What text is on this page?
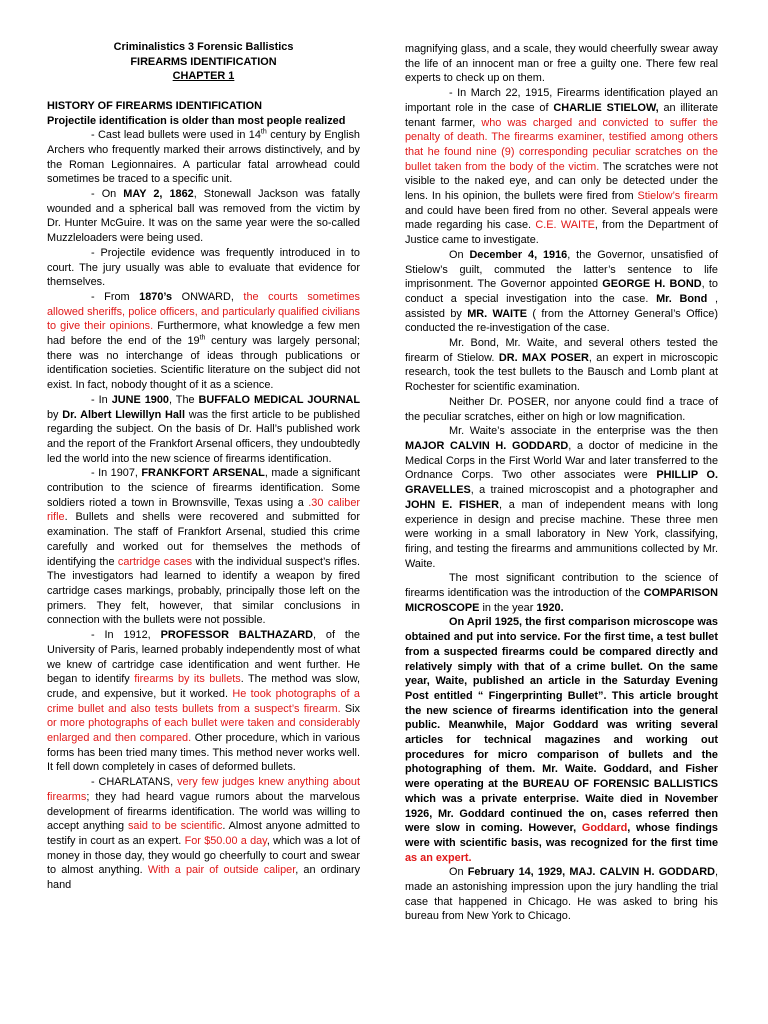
Criminalistics 3 Forensic Ballistics

FIREARMS IDENTIFICATION

CHAPTER 1

HISTORY OF FIREARMS IDENTIFICATION

Projectile identification is older than most people realized

- Cast lead bullets were used in 14th century by English Archers who frequently marked their arrows distinctively, and by the Roman Legionnaires. A particular fatal arrowhead could sometimes be traced to a specific unit.

- On MAY 2, 1862, Stonewall Jackson was fatally wounded and a spherical ball was removed from the victim by Dr. Hunter McGuire. It was on the same year were the so-called Muzzleloaders were being used.

- Projectile evidence was frequently introduced in to court. The jury usually was able to evaluate that evidence for themselves.

- From 1870’s ONWARD, the courts sometimes allowed sheriffs, police officers, and particularly qualified civilians to give their opinions. Furthermore, what knowledge a few men had before the end of the 19th century was largely personal; there was no interchange of ideas through publications or identification societies. Scientific literature on the subject did not exist. In fact, nobody thought of it as a science.

- In JUNE 1900, The BUFFALO MEDICAL JOURNAL by Dr. Albert Llewillyn Hall was the first article to be published regarding the subject. On the basis of Dr. Hall’s published work and the report of the Frankfort Arsenal officers, they undoubtedly led the world into the new science of firearms identification.

- In 1907, FRANKFORT ARSENAL, made a significant contribution to the science of firearms identification. Some soldiers rioted a town in Brownsville, Texas using a .30 caliber rifle. Bullets and shells were recovered and submitted for examination. The staff of Frankfort Arsenal, studied this crime carefully and worked out for themselves the methods of identifying the cartridge cases with the individual suspect’s rifles. The investigators had learned to identify a weapon by fired cartridge cases markings, probably, principally those left on the primers. They felt, however, that similar conclusions in connection with the bullets were not possible.

- In 1912, PROFESSOR BALTHAZARD, of the University of Paris, learned probably independently most of what we knew of cartridge case identification and went further. He began to identify firearms by its bullets. The method was slow, crude, and expensive, but it worked. He took photographs of a crime bullet and also tests bullets from a suspect’s firearm. Six or more photographs of each bullet were taken and considerably enlarged and then compared. Other procedure, which in various forms has been tried many times. This method never works well. It fell down completely in cases of deformed bullets.

- CHARLATANS, very few judges knew anything about firearms; they had heard vague rumors about the marvelous development of firearms identification. The world was willing to accept anything said to be scientific. Almost anyone admitted to testify in court as an expert. For $50.00 a day, which was a lot of money in those day, they would go cheerfully to court and swear to almost anything. With a pair of outside caliper, an ordinary hand

magnifying glass, and a scale, they would cheerfully swear away the life of an innocent man or free a guilty one. There few real experts to check up on them.

- In March 22, 1915, Firearms identification played an important role in the case of CHARLIE STIELOW, an illiterate tenant farmer, who was charged and convicted to suffer the penalty of death. The firearms examiner, testified among others that he found nine (9) corresponding peculiar scratches on the bullet taken from the body of the victim. The scratches were not visible to the naked eye, and can only be detected under the lens. In his opinion, the bullets were fired from Stielow’s firearm and could have been fired from no other. Several appeals were made regarding his case. C.E. WAITE, from the Department of Justice came to investigate.

On December 4, 1916, the Governor, unsatisfied of Stielow’s guilt, commuted the latter’s sentence to life imprisonment. The Governor appointed GEORGE H. BOND, to conduct a special investigation into the case. Mr. Bond , assisted by MR. WAITE ( from the Attorney General’s Office) conducted the re-investigation of the case.

Mr. Bond, Mr. Waite, and several others tested the firearm of Stielow. DR. MAX POSER, an expert in microscopic research, took the test bullets to the Bausch and Lomb plant at Rochester for scientific examination.

Neither Dr. POSER, nor anyone could find a trace of the peculiar scratches, either on high or low magnification.

Mr. Waite’s associate in the enterprise was the then MAJOR CALVIN H. GODDARD, a doctor of medicine in the Medical Corps in the First World War and later transferred to the Ordnance Corps. Two other associates were PHILLIP O. GRAVELLES, a trained microscopist and a photographer and JOHN E. FISHER, a man of independent means with long experience in design and precise machine. These three men were working in a small laboratory in New York, classifying, firing, and testing the firearms and ammunitions collected by Mr. Waite.

The most significant contribution to the science of firearms identification was the introduction of the COMPARISON MICROSCOPE in the year 1920.

On April 1925, the first comparison microscope was obtained and put into service. For the first time, a test bullet from a suspected firearms could be compared directly and relatively simply with that of a crime bullet. On the same year, Waite, published an article in the Saturday Evening Post entitled “ Fingerprinting Bullet”. This article brought the new science of firearms identification into the general public. Meanwhile, Major Goddard was writing several articles for technical magazines and working out procedures for micro comparison of bullets and the photographing of them. Mr. Waite. Goddard, and Fisher were operating at the BUREAU OF FORENSIC BALLISTICS which was a private enterprise. Waite died in November 1926, Mr. Goddard continued the on, cases referred then were slow in coming. However, Goddard, whose findings were with scientific basis, was recognized for the first time as an expert.

On February 14, 1929, MAJ. CALVIN H. GODDARD, made an astonishing impression upon the jury handling the trial case that happened in Chicago. He was asked to bring his bureau from New York to Chicago.
